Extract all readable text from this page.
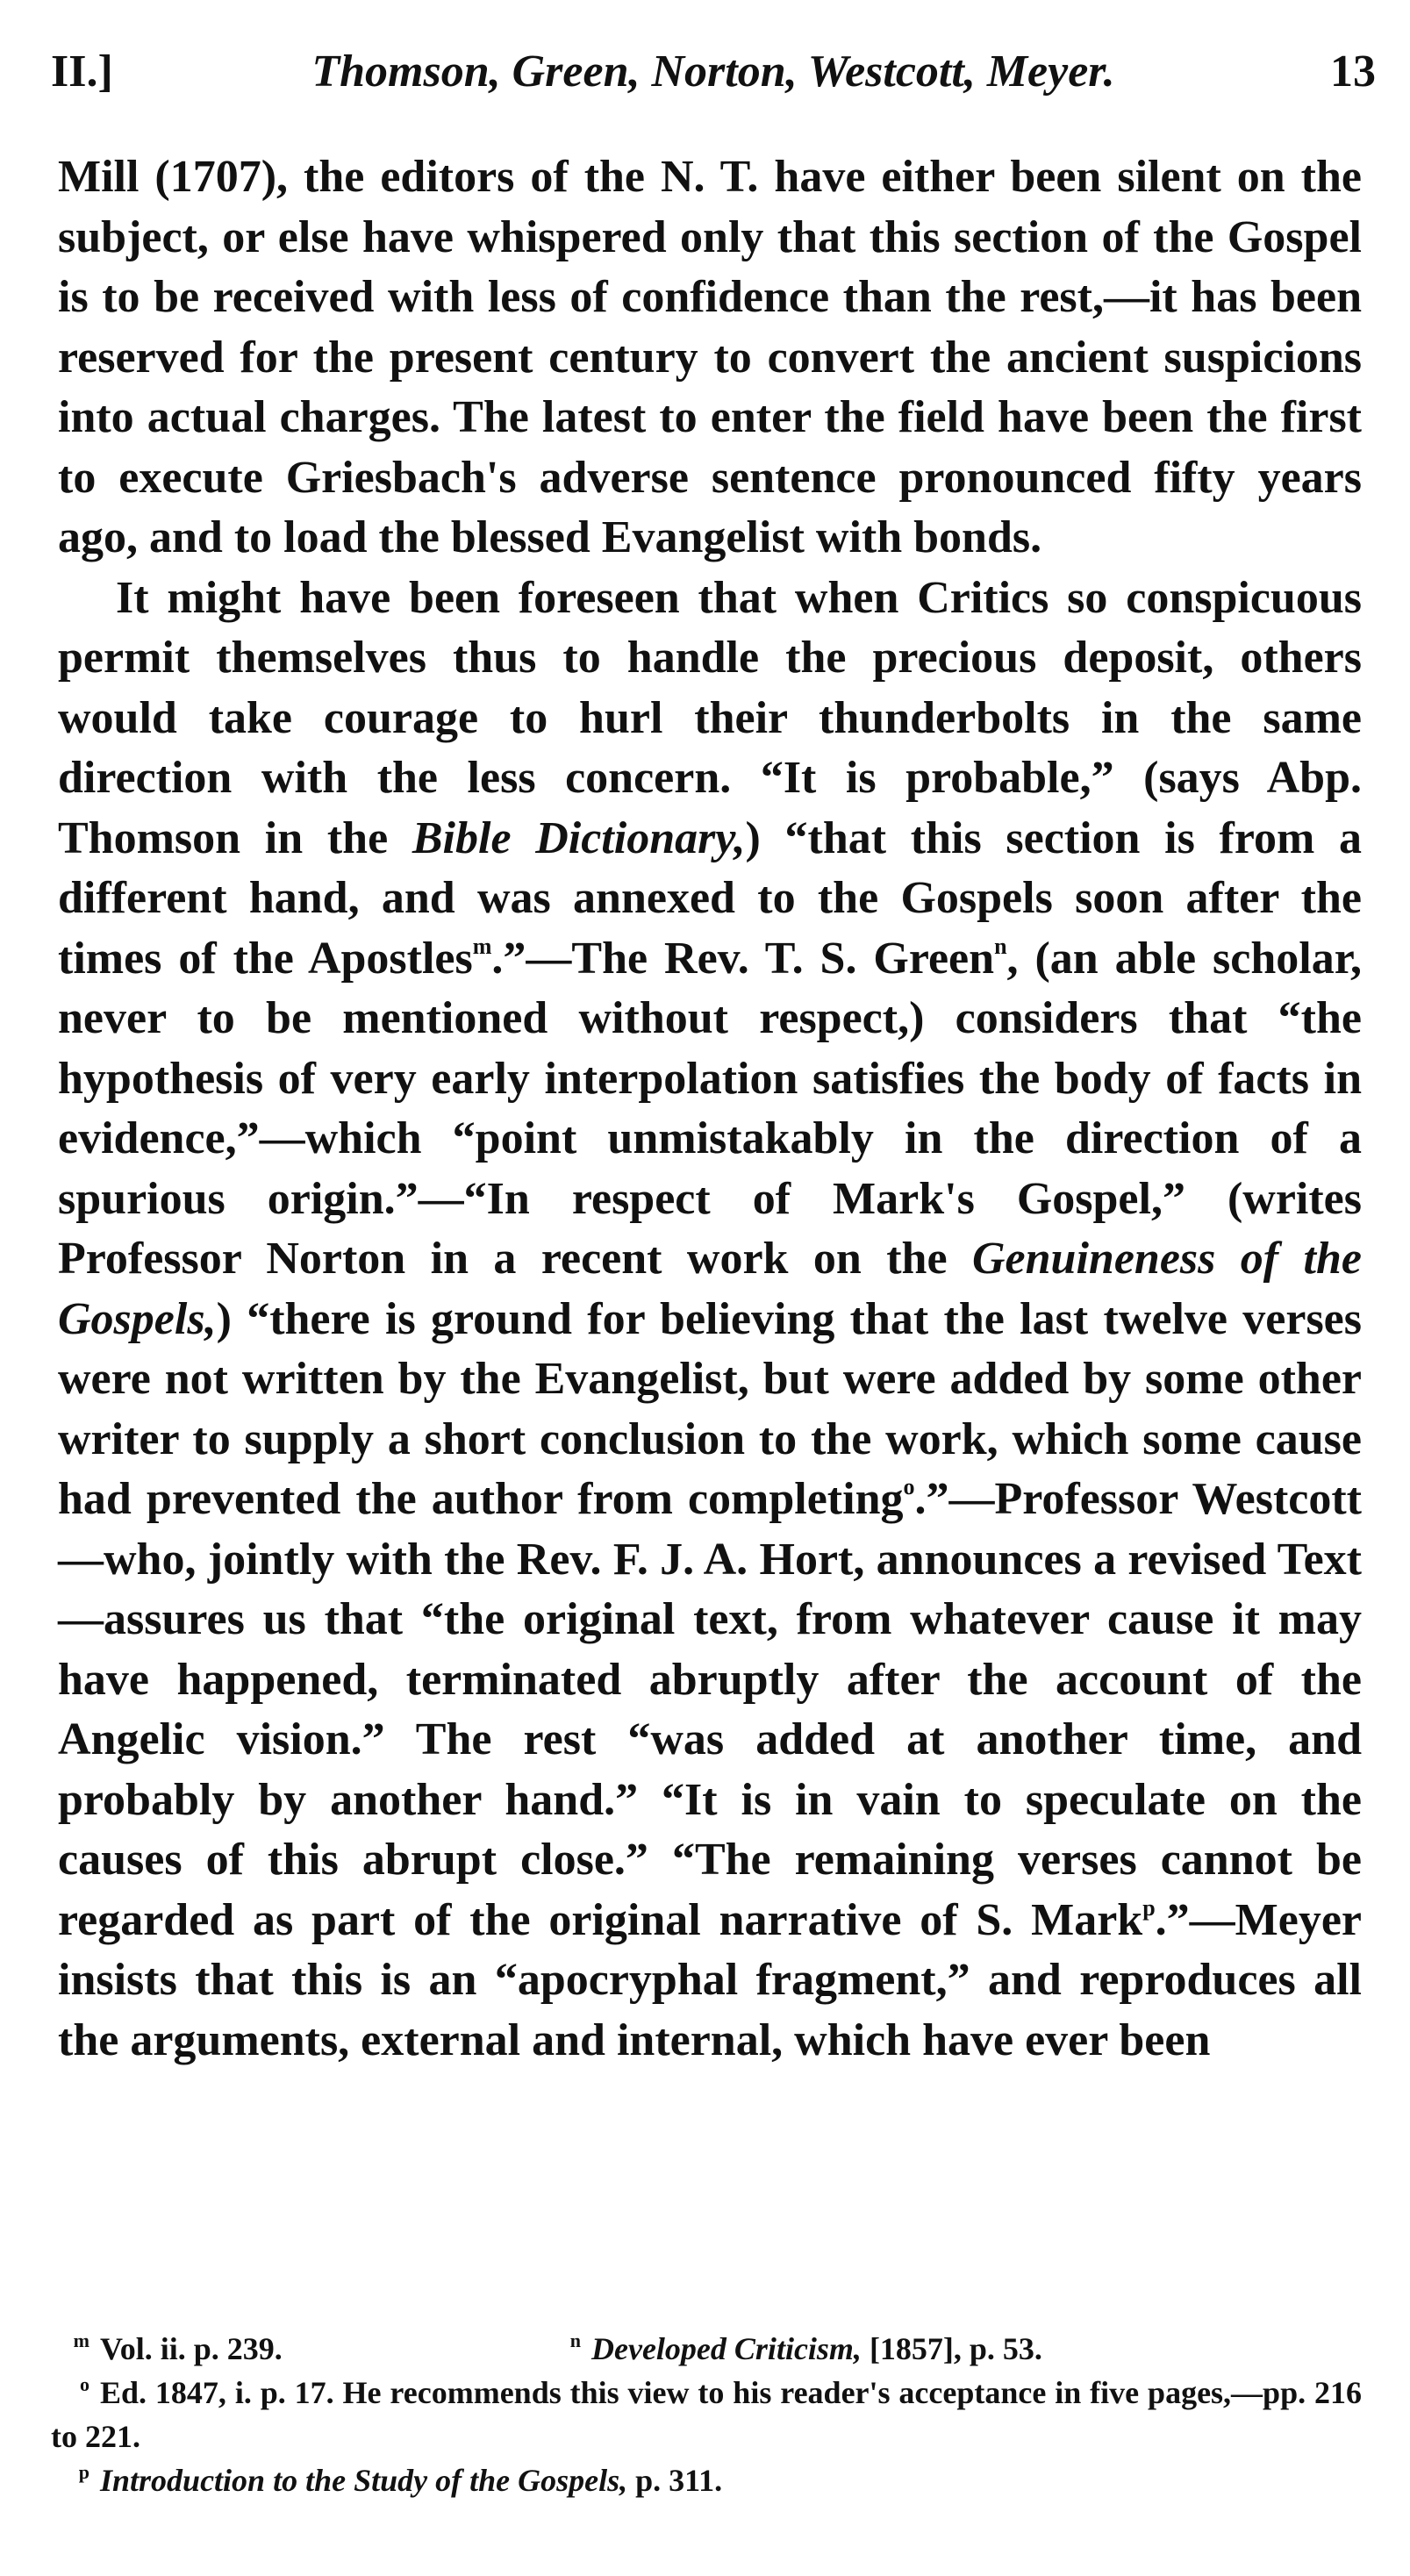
II.]	Thomson, Green, Norton, Westcott, Meyer.	13

Mill (1707), the editors of the N. T. have either been silent on the subject, or else have whispered only that this section of the Gospel is to be received with less of confidence than the rest,—it has been reserved for the present century to convert the ancient suspicions into actual charges. The latest to enter the field have been the first to execute Griesbach's adverse sentence pronounced fifty years ago, and to load the blessed Evangelist with bonds.

It might have been foreseen that when Critics so conspicuous permit themselves thus to handle the precious deposit, others would take courage to hurl their thunderbolts in the same direction with the less concern. “It is probable,” (says Abp. Thomson in the Bible Dictionary,) “that this section is from a different hand, and was annexed to the Gospels soon after the times of the Apostles$^m$.”—The Rev. T. S. Green$^n$, (an able scholar, never to be mentioned without respect,) considers that “the hypothesis of very early interpolation satisfies the body of facts in evidence,”—which “point unmistakably in the direction of a spurious origin.”—“In respect of Mark's Gospel,” (writes Professor Norton in a recent work on the Genuineness of the Gospels,) “there is ground for believing that the last twelve verses were not written by the Evangelist, but were added by some other writer to supply a short conclusion to the work, which some cause had prevented the author from completing$^o$.”—Professor Westcott—who, jointly with the Rev. F. J. A. Hort, announces a revised Text—assures us that “the original text, from whatever cause it may have happened, terminated abruptly after the account of the Angelic vision.” The rest “was added at another time, and probably by another hand.” “It is in vain to speculate on the causes of this abrupt close.” “The remaining verses cannot be regarded as part of the original narrative of S. Mark$^p$.”—Meyer insists that this is an “apocryphal fragment,” and reproduces all the arguments, external and internal, which have ever been

m Vol. ii. p. 239.	n Developed Criticism, [1857], p. 53.
o Ed. 1847, i. p. 17. He recommends this view to his reader's acceptance in five pages,—pp. 216 to 221.
p Introduction to the Study of the Gospels, p. 311.
